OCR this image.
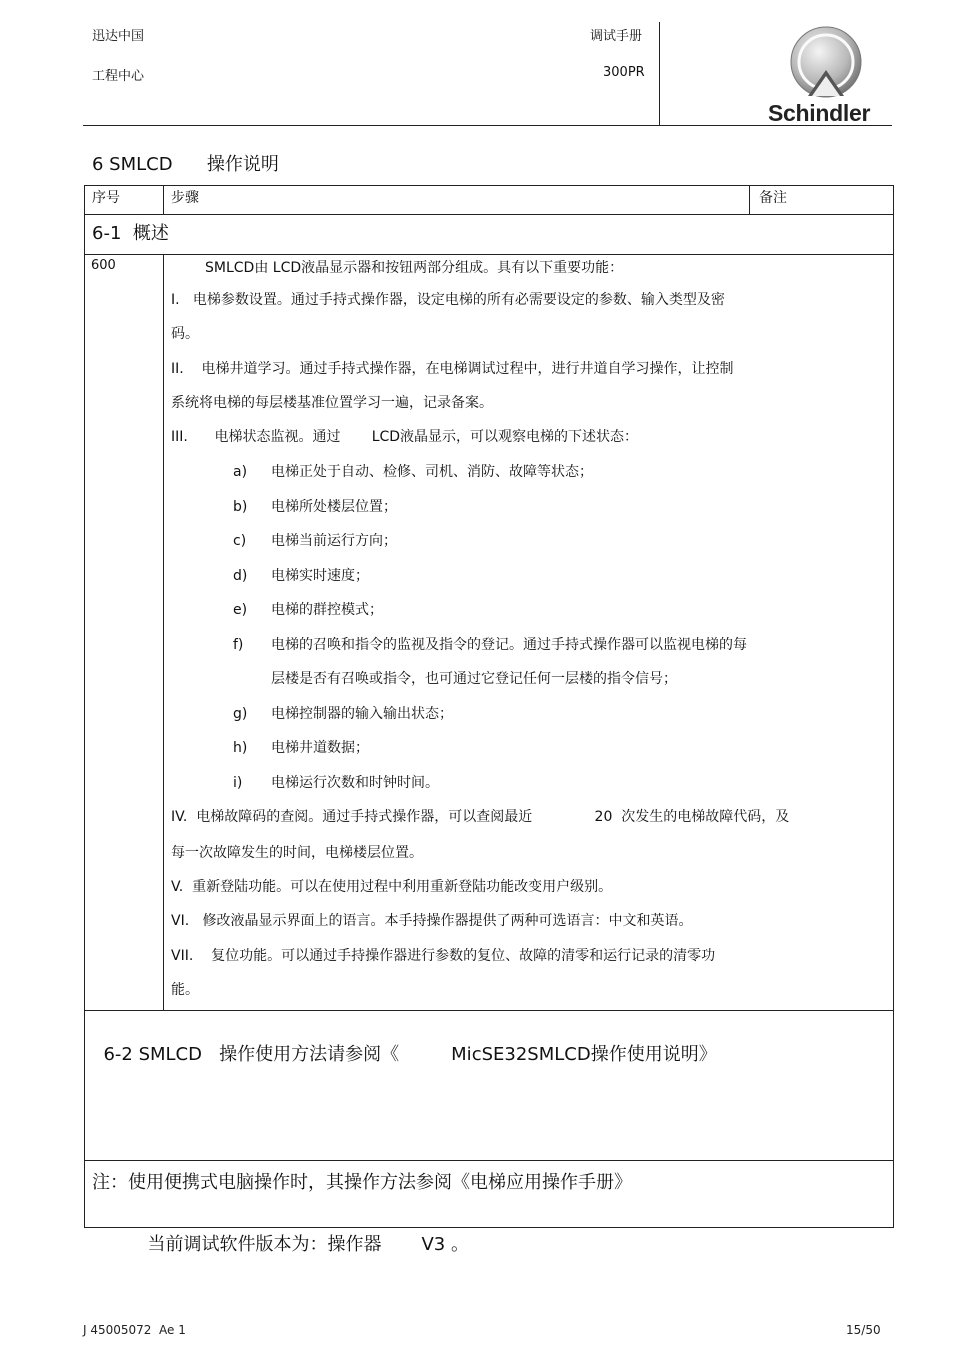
迅达中国
工程中心
调试手册
300PR
Schindler
6 SMLCD      操作说明
序号	步骤	备注
6-1  概述
600	SMLCD由 LCD液晶显示器和按钮两部分组成。具有以下重要功能：
I.   电梯参数设置。通过手持式操作器，设定电梯的所有必需要设定的参数、输入类型及密
码。
II.    电梯井道学习。通过手持式操作器，在电梯调试过程中，进行井道自学习操作，让控制
系统将电梯的每层楼基准位置学习一遍，记录备案。
III.      电梯状态监视。通过       LCD液晶显示，可以观察电梯的下述状态：
a) 电梯正处于自动、检修、司机、消防、故障等状态；
b) 电梯所处楼层位置；
c) 电梯当前运行方向；
d) 电梯实时速度；
e) 电梯的群控模式；
f) 电梯的召唤和指令的监视及指令的登记。通过手持式操作器可以监视电梯的每
层楼是否有召唤或指令，也可通过它登记任何一层楼的指令信号；
g) 电梯控制器的输入输出状态；
h) 电梯井道数据；
i) 电梯运行次数和时钟时间。
IV.  电梯故障码的查阅。通过手持式操作器，可以查阅最近              20  次发生的电梯故障代码，及
每一次故障发生的时间，电梯楼层位置。
V.  重新登陆功能。可以在使用过程中利用重新登陆功能改变用户级别。
VI.   修改液晶显示界面上的语言。本手持操作器提供了两种可选语言：中文和英语。
VII.    复位功能。可以通过手持操作器进行参数的复位、故障的清零和运行记录的清零功
能。

6-2 SMLCD   操作使用方法请参阅《	MicSE32SMLCD操作使用说明》

注：使用便携式电脑操作时，其操作方法参阅《电梯应用操作手册》

当前调试软件版本为：操作器 V3 。

J 45005072  Ae 1	15/50
